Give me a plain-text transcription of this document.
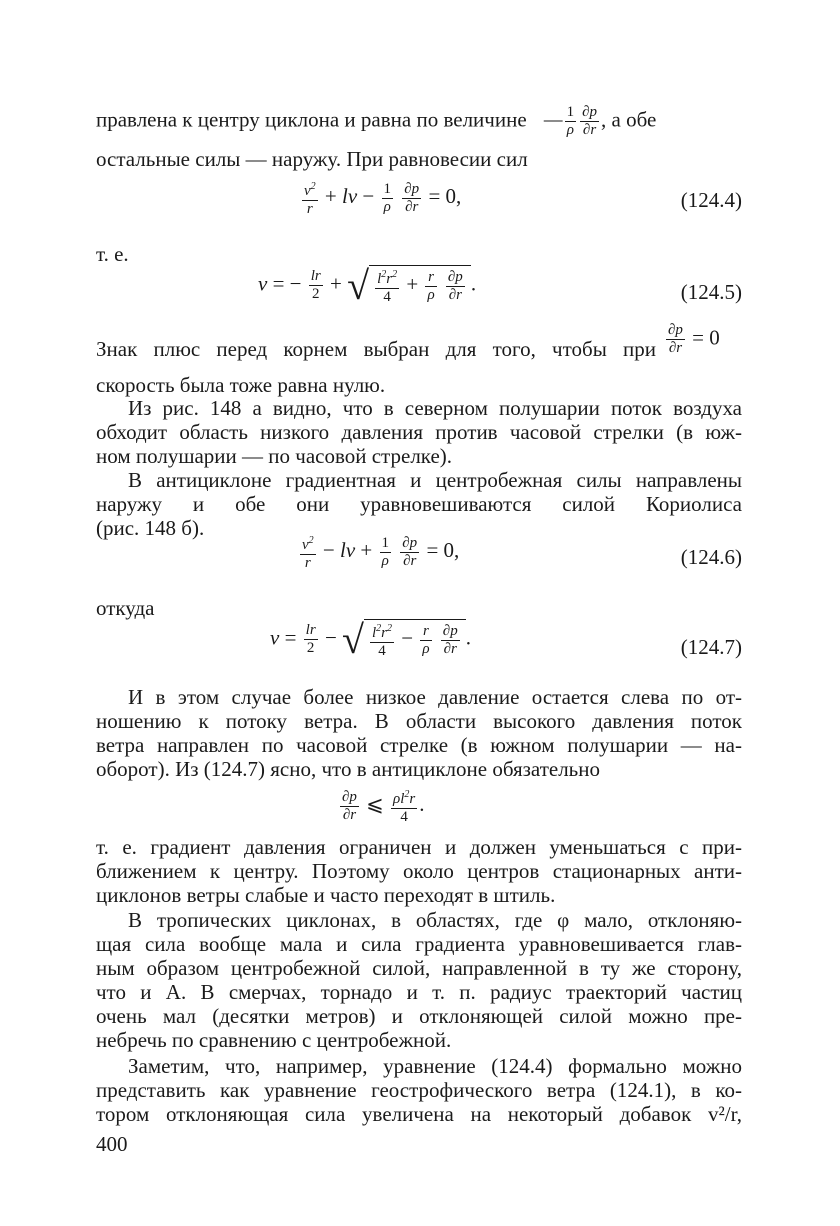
правлена к центру циклона и равна по величине — $\frac{1}{\rho} \frac{\partial p}{\partial r}$ , а обе
остальные силы — наружу. При равновесии сил
$\frac{v^2}{r}$ + lv − $\frac{1}{\rho}$
$\frac{\partial p}{\partial r} = 0$,	(124.4)
т. е.
v = − $\frac{lr}{2}$ + √ $\frac{l^2r^2}{4} + \frac{r}{\rho}$
$\frac{\partial p}{\partial r}$ .	(124.5)
Знак плюс перед корнем выбран для того, чтобы при $\frac{\partial p}{\partial r} = 0$
скорость была тоже равна нулю.
Из рис. 148 а видно, что в северном полушарии поток воздуха
обходит область низкого давления против часовой стрелки (в юж-
ном полушарии — по часовой стрелке).
В антициклоне градиентная и центробежная силы направлены
наружу и обе они уравновешиваются силой Кориолиса
(рис. 148 б).
$\frac{v^2}{r}$ − lv + $\frac{1}{\rho}$
$\frac{\partial p}{\partial r} = 0$,	(124.6)
откуда
$v = \frac{lr}{2}$ − √ $\frac{l^2r^2}{4} - \frac{r}{\rho}$
$\frac{\partial p}{\partial r}$ .	(124.7)
И в этом случае более низкое давление остается слева по от-
ношению к потоку ветра. В области высокого давления поток
ветра направлен по часовой стрелке (в южном полушарии — на-
оборот). Из (124.7) ясно, что в антициклоне обязательно
$\frac{\partial p}{\partial r}$ ⩽ $\frac{\rho l^2r}{4}$ .
т. е. градиент давления ограничен и должен уменьшаться с при-
ближением к центру. Поэтому около центров стационарных анти-
циклонов ветры слабые и часто переходят в штиль.
В тропических циклонах, в областях, где φ мало, отклоняю-
щая сила вообще мала и сила градиента уравновешивается глав-
ным образом центробежной силой, направленной в ту же сторону,
что и А. В смерчах, торнадо и т. п. радиус траекторий частиц
очень мал (десятки метров) и отклоняющей силой можно пре-
небречь по сравнению с центробежной.
Заметим, что, например, уравнение (124.4) формально можно
представить как уравнение геострофического ветра (124.1), в ко-
тором отклоняющая сила увеличена на некоторый добавок v²/r,
400
